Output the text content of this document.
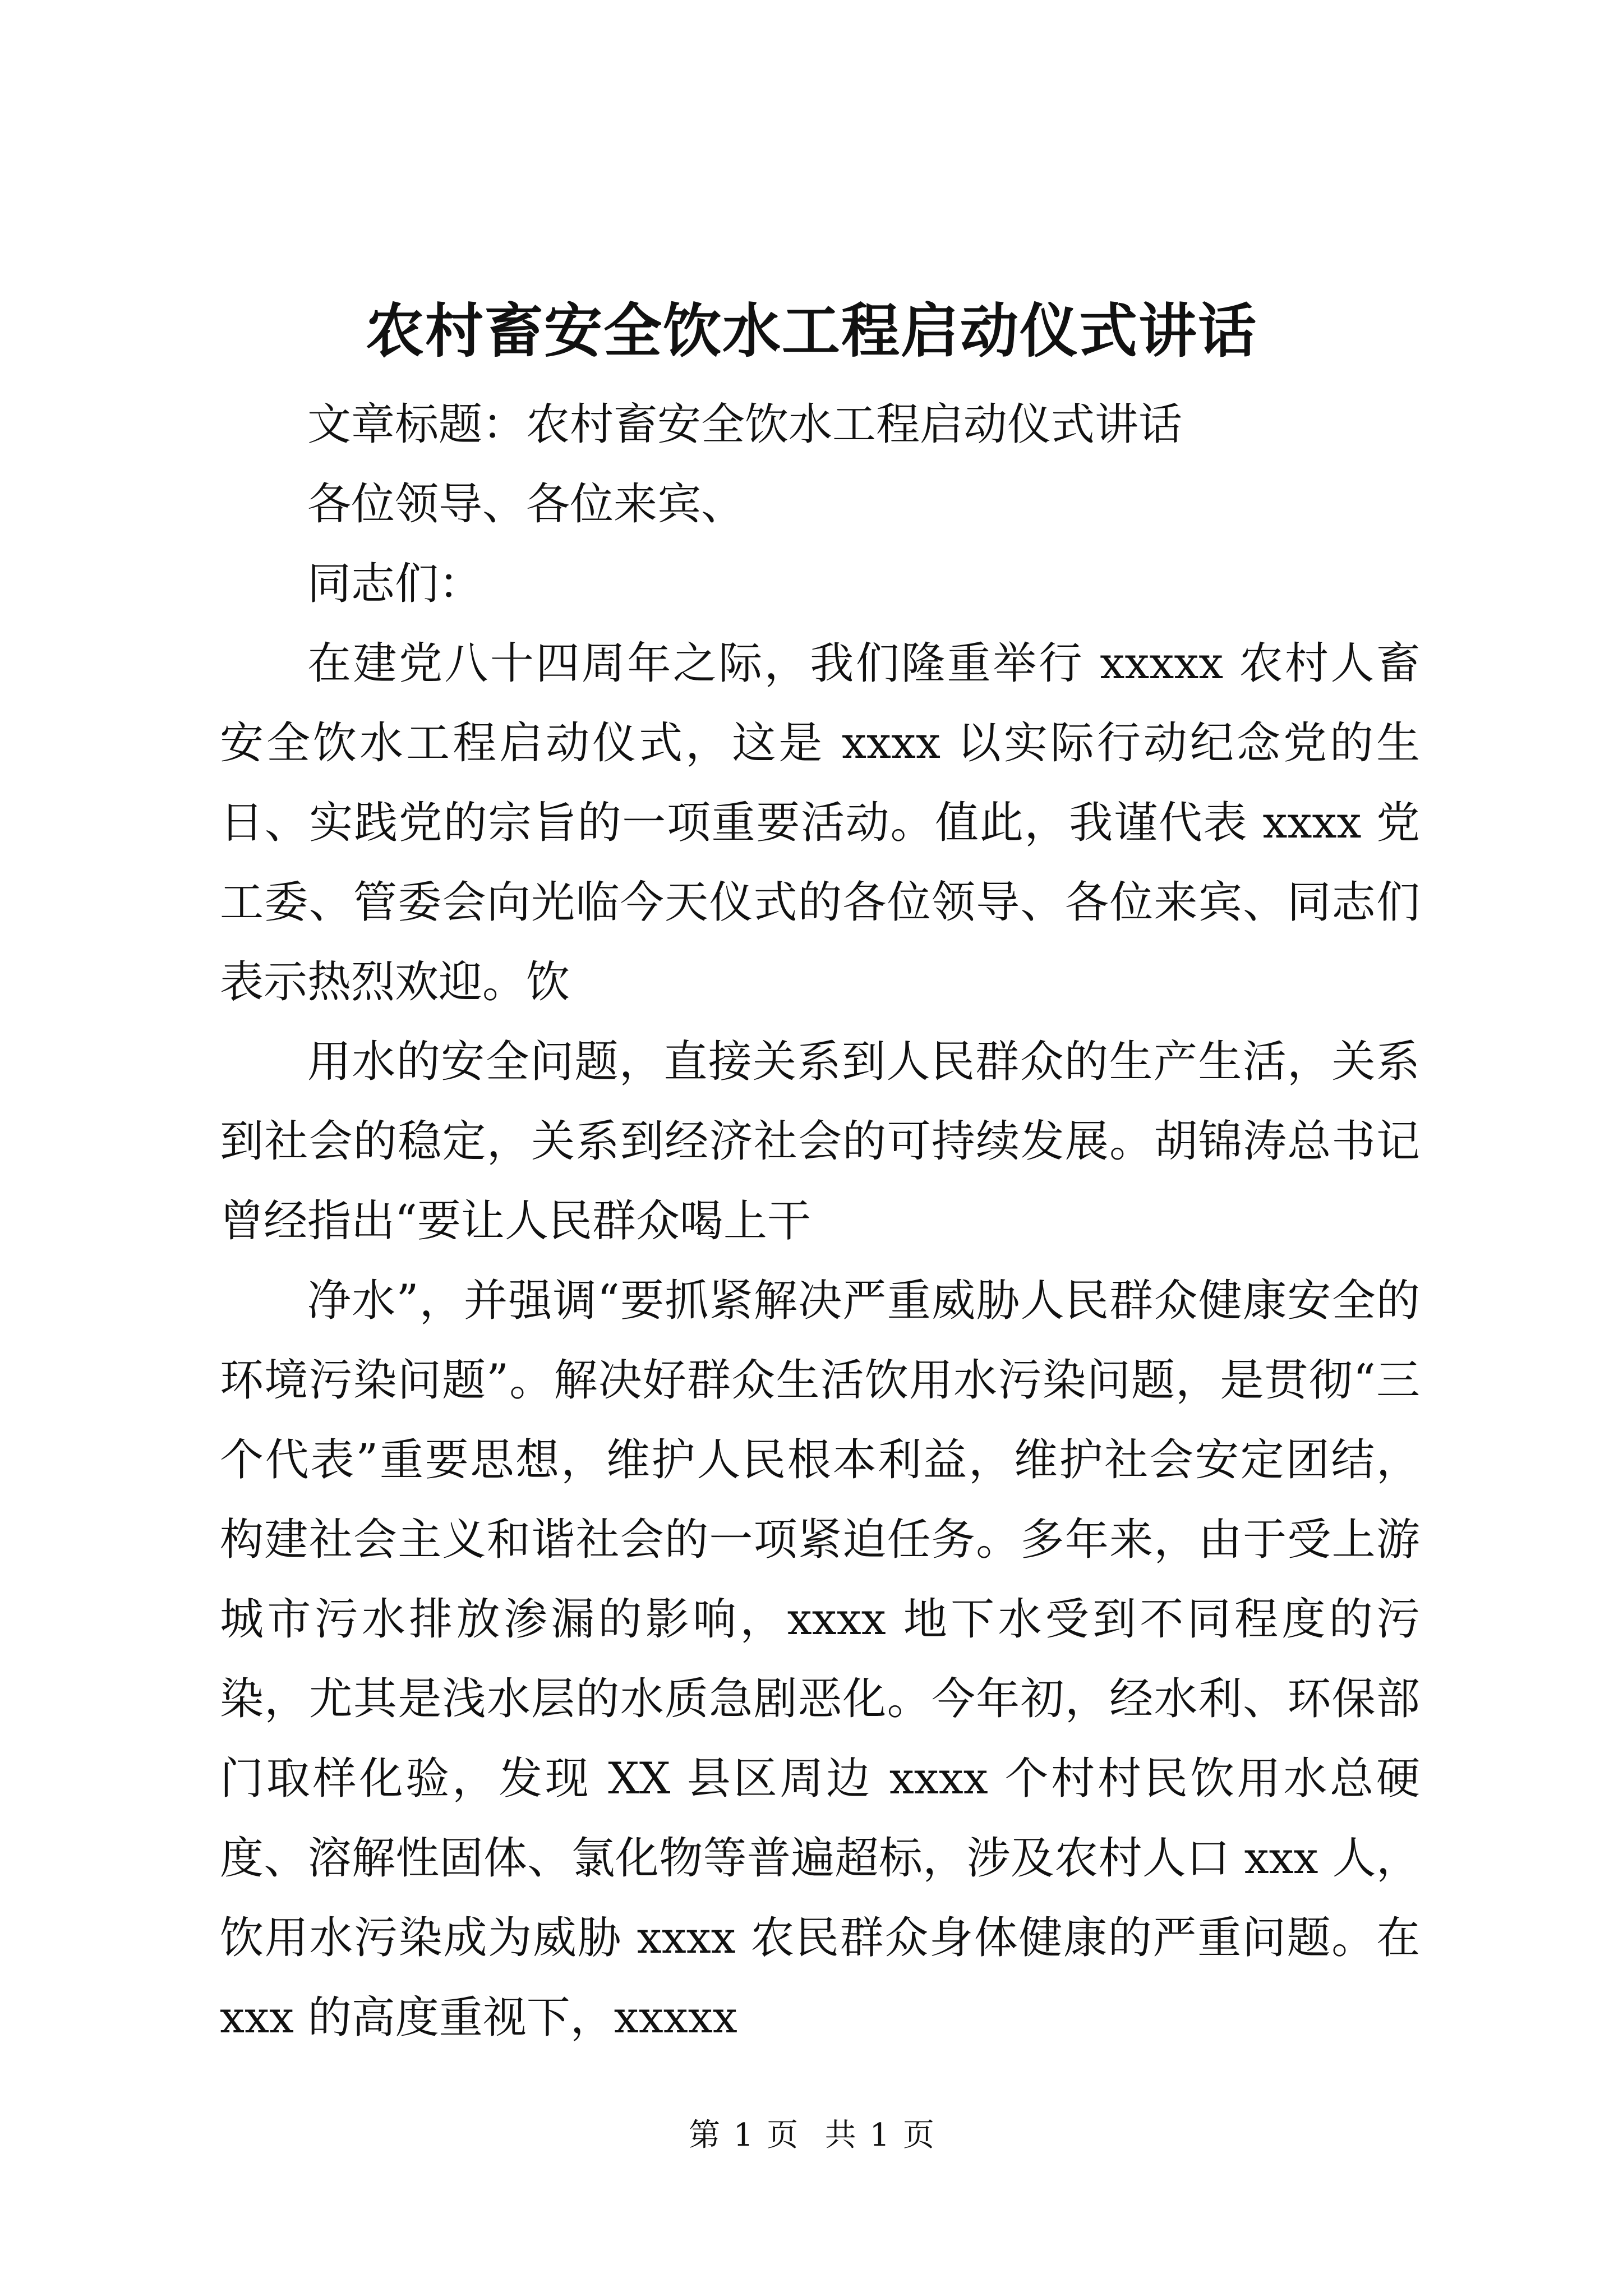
农村畜安全饮水工程启动仪式讲话

文章标题：农村畜安全饮水工程启动仪式讲话

各位领导、各位来宾、

同志们：

在建党八十四周年之际，我们隆重举行 xxxxx 农村人畜安全饮水工程启动仪式，这是 xxxx 以实际行动纪念党的生日、实践党的宗旨的一项重要活动。值此，我谨代表 xxxx 党工委、管委会向光临今天仪式的各位领导、各位来宾、同志们表示热烈欢迎。饮

用水的安全问题，直接关系到人民群众的生产生活，关系到社会的稳定，关系到经济社会的可持续发展。胡锦涛总书记曾经指出“要让人民群众喝上干

净水”，并强调“要抓紧解决严重威胁人民群众健康安全的环境污染问题”。解决好群众生活饮用水污染问题，是贯彻“三个代表”重要思想，维护人民根本利益，维护社会安定团结，构建社会主义和谐社会的一项紧迫任务。多年来，由于受上游城市污水排放渗漏的影响，xxxx 地下水受到不同程度的污染，尤其是浅水层的水质急剧恶化。今年初，经水利、环保部门取样化验，发现 XX 县区周边 xxxx 个村村民饮用水总硬度、溶解性固体、氯化物等普遍超标，涉及农村人口 xxx 人，饮用水污染成为威胁 xxxx 农民群众身体健康的严重问题。在 xxx 的高度重视下，xxxxx

第 1 页  共 1 页
